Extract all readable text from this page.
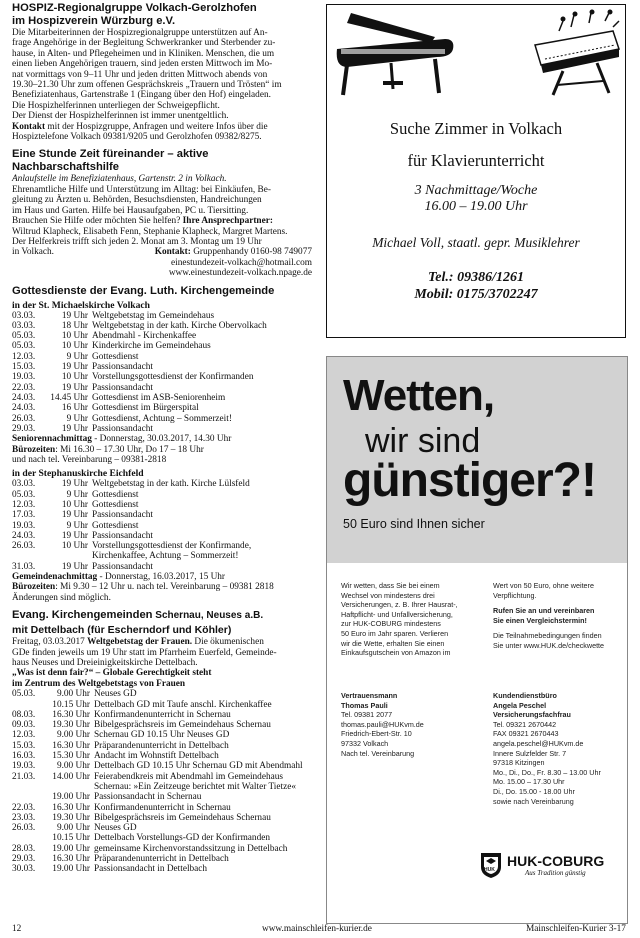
HOSPIZ-Regionalgruppe Volkach-Gerolzhofen

im Hospizverein Würzburg e.V.

Die Mitarbeiterinnen der Hospizregionalgruppe unterstützen auf An-

frage Angehörige in der Begleitung Schwerkranker und Sterbender zu-

hause, in Alten- und Pflegeheimen und in Kliniken. Menschen, die um

einen lieben Angehörigen trauern, sind jeden ersten Mittwoch im Mo-

nat vormittags von 9–11 Uhr und jeden dritten Mittwoch abends von

19.30–21.30 Uhr zum offenen Gesprächskreis „Trauern und Trösten“ im

Benefiziatenhaus, Gartenstraße 1 (Eingang über den Hof) eingeladen.

Die Hospizhelferinnen unterliegen der Schweigepflicht.

Der Dienst der Hospizhelferinnen ist immer unentgeltlich.

Kontakt mit der Hospizgruppe, Anfragen und weitere Infos über die

Hospiztelefone Volkach 09381/9205 und Gerolzhofen 09382/8275.

Eine Stunde Zeit füreinander – aktive Nachbarschaftshilfe

Anlaufstelle im Benefiziatenhaus, Gartenstr. 2 in Volkach.

Ehrenamtliche Hilfe und Unterstützung im Alltag: bei Einkäufen, Be-

gleitung zu Ärzten u. Behörden, Besuchsdiensten, Handreichungen

im Haus und Garten. Hilfe bei Hausaufgaben, PC u. Tiersitting.

Brauchen Sie Hilfe oder möchten Sie helfen? Ihre Ansprechpartner:

Wiltrud Klapheck, Elisabeth Fenn, Stephanie Klapheck, Margret Martens.

Der Helferkreis trifft sich jeden 2. Monat am 3. Montag um 19 Uhr

in Volkach.	Kontakt: Gruppenhandy 0160-98 749077

einestundezeit-volkach@hotmail.com

www.einestundezeit-volkach.npage.de

Gottesdienste der Evang. Luth. Kirchengemeinde

in der St. Michaelskirche Volkach

03.03.	19 Uhr Weltgebetstag im Gemeindehaus
03.03.	18 Uhr Weltgebetstag in der kath. Kirche Obervolkach
05.03.	10 Uhr Abendmahl - Kirchenkaffee
05.03.	10 Uhr Kinderkirche im Gemeindehaus
12.03.	9 Uhr Gottesdienst
15.03.	19 Uhr Passionsandacht
19.03.	10 Uhr Vorstellungsgottesdienst der Konfirmanden
22.03.	19 Uhr Passionsandacht
24.03.	14.45 Uhr Gottesdienst im ASB-Seniorenheim
24.03.	16 Uhr Gottesdienst im Bürgerspital
26.03.	9 Uhr Gottesdienst, Achtung – Sommerzeit!
29.03.	19 Uhr Passionsandacht

Seniorennachmittag - Donnerstag, 30.03.2017, 14.30 Uhr

Bürozeiten: Mi 16.30 – 17.30 Uhr, Do 17 – 18 Uhr

und nach tel. Vereinbarung – 09381-2818

in der Stephanuskirche Eichfeld

03.03.	19 Uhr Weltgebetstag in der kath. Kirche Lülsfeld
05.03.	9 Uhr Gottesdienst
12.03.	10 Uhr Gottesdienst
17.03.	19 Uhr Passionsandacht
19.03.	9 Uhr Gottesdienst
24.03.	19 Uhr Passionsandacht
26.03.	10 Uhr Vorstellungsgottesdienst der Konfirmande,
Kirchenkaffee, Achtung – Sommerzeit!
31.03.	19 Uhr Passionsandacht

Gemeindenachmittag - Donnerstag, 16.03.2017, 15 Uhr

Bürozeiten: Mi 9.30 – 12 Uhr u. nach tel. Vereinbarung – 09381 2818

Änderungen sind möglich.

Evang. Kirchengemeinden Schernau, Neuses a.B.

mit Dettelbach (für Escherndorf und Köhler)

Freitag, 03.03.2017 Weltgebetstag der Frauen. Die ökumenischen

GDe finden jeweils um 19 Uhr statt im Pfarrheim Euerfeld, Gemeinde-

haus Neuses und Dreieinigkeitskirche Dettelbach.

„Was ist denn fair?“ – Globale Gerechtigkeit steht

im Zentrum des Weltgebetstags von Frauen

05.03.	9.00 Uhr Neuses GD
10.15 Uhr Dettelbach GD mit Taufe anschl. Kirchenkaffee
08.03.	16.30 Uhr Konfirmandenunterricht in Schernau
09.03.	19.30 Uhr Bibelgesprächsreis im Gemeindehaus Schernau
12.03.	9.00 Uhr Schernau GD 10.15 Uhr Neuses GD
15.03.	16.30 Uhr Präparandenunterricht in Dettelbach
16.03.	15.30 Uhr Andacht im Wohnstift Dettelbach
19.03.	9.00 Uhr Dettelbach GD 10.15 Uhr Schernau GD mit Abendmahl
21.03.	14.00 Uhr Feierabendkreis mit Abendmahl im Gemeindehaus
Schernau: »Ein Zeitzeuge berichtet mit Walter Tietze«
19.00 Uhr Passionsandacht in Schernau
22.03.	16.30 Uhr Konfirmandenunterricht in Schernau
23.03.	19.30 Uhr Bibelgesprächsreis im Gemeindehaus Schernau
26.03.	9.00 Uhr Neuses GD
10.15 Uhr Dettelbach Vorstellungs-GD der Konfirmanden
28.03.	19.00 Uhr gemeinsame Kirchenvorstandssitzung in Dettelbach
29.03.	16.30 Uhr Präparandenunterricht in Dettelbach
30.03.	19.00 Uhr Passionsandacht in Dettelbach

Suche Zimmer in Volkach

für Klavierunterricht

3 Nachmittage/Woche

16.00 – 19.00 Uhr

Michael Voll, staatl. gepr. Musiklehrer

Tel.: 09386/1261

Mobil: 0175/3702247

Wetten,

wir sind

günstiger?!

50 Euro sind Ihnen sicher

Wir wetten, dass Sie bei einem

Wechsel von mindestens drei

Versicherungen, z. B. Ihrer Hausrat-,

Haftpflicht- und Unfallversicherung,

zur HUK-COBURG mindestens

50 Euro im Jahr sparen. Verlieren

wir die Wette, erhalten Sie einen

Einkaufsgutschein von Amazon im

Wert von 50 Euro, ohne weitere

Verpflichtung.

Rufen Sie an und vereinbaren

Sie einen Vergleichstermin!

Die Teilnahmebedingungen finden

Sie unter www.HUK.de/checkwette

Vertrauensmann

Thomas Pauli

Tel. 09381 2077

thomas.pauli@HUKvm.de

Friedrich-Ebert-Str. 10

97332 Volkach

Nach tel. Vereinbarung

Kundendienstbüro

Angela Peschel

Versicherungsfachfrau

Tel. 09321 2670442

FAX 09321 2670443

angela.peschel@HUKvm.de

Innere Sulzfelder Str. 7

97318 Kitzingen

Mo., Di., Do., Fr. 8.30 – 13.00 Uhr

Mo. 15.00 – 17.30 Uhr

Di., Do. 15.00 - 18.00 Uhr

sowie nach Vereinbarung

HUK
HUK-COBURG
Aus Tradition günstig
12	www.mainschleifen-kurier.de	Mainschleifen-Kurier 3-17
